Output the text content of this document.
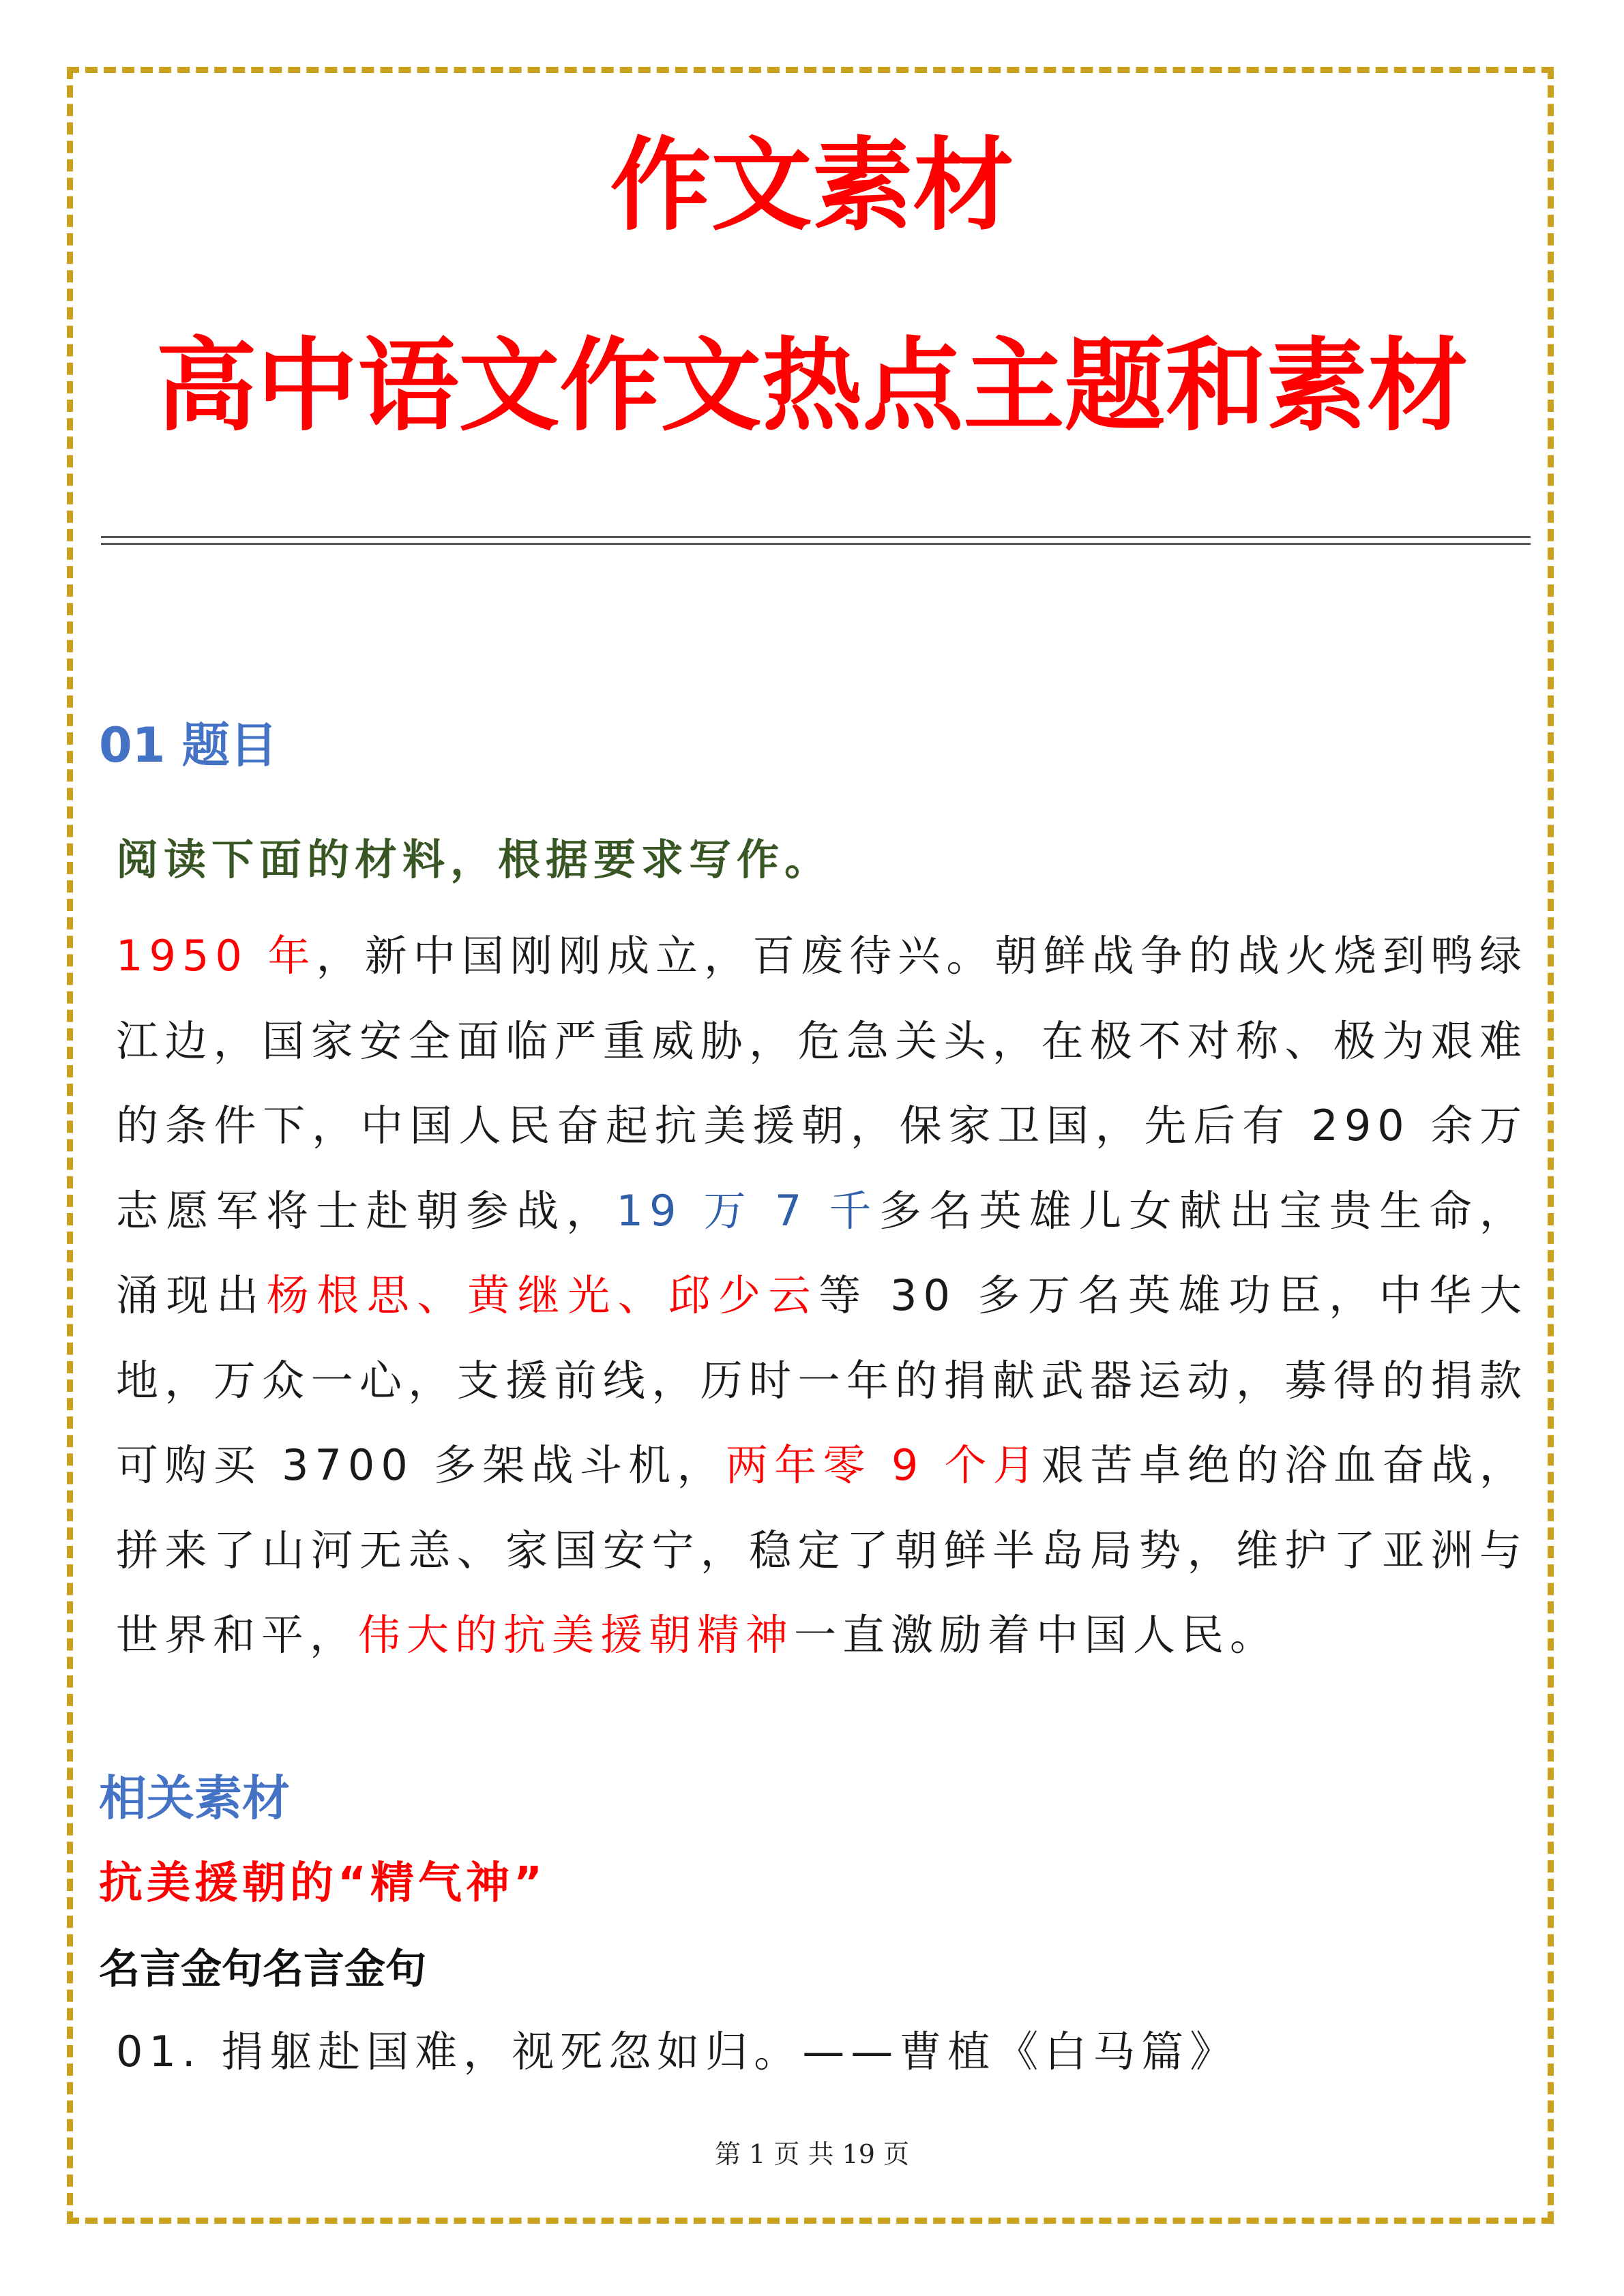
作文素材
高中语文作文热点主题和素材
01 题目

阅读下面的材料，根据要求写作。

1950 年，新中国刚刚成立，百废待兴。朝鲜战争的战火烧到鸭绿江边，国家安全面临严重威胁，危急关头，在极不对称、极为艰难的条件下，中国人民奋起抗美援朝，保家卫国，先后有 290 余万志愿军将士赴朝参战，19 万 7 千多名英雄儿女献出宝贵生命，涌现出杨根思、黄继光、邱少云等 30 多万名英雄功臣，中华大地，万众一心，支援前线，历时一年的捐献武器运动，募得的捐款可购买 3700 多架战斗机，两年零 9 个月艰苦卓绝的浴血奋战，拼来了山河无恙、家国安宁，稳定了朝鲜半岛局势，维护了亚洲与世界和平，伟大的抗美援朝精神一直激励着中国人民。

相关素材
抗美援朝的“精气神”
名言金句名言金句

01. 捐躯赴国难，视死忽如归。——曹植《白马篇》

第 1 页 共 19 页
